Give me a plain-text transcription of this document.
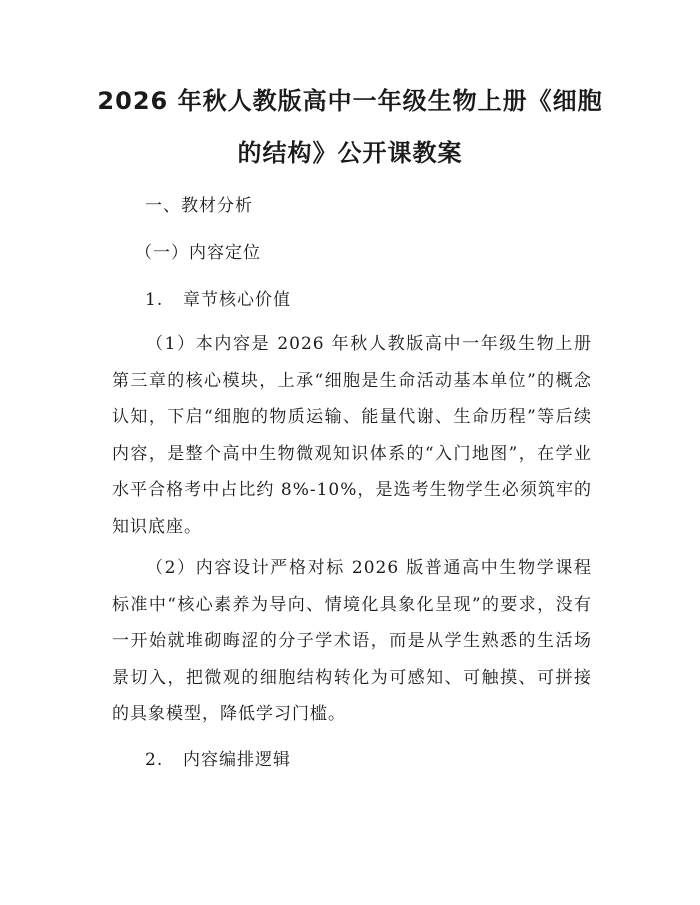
2026 年秋人教版高中一年级生物上册《细胞
的结构》公开课教案
一、教材分析
（一）内容定位
1. 章节核心价值

（1）本内容是 2026 年秋人教版高中一年级生物上册第三章的核心模块，上承“细胞是生命活动基本单位”的概念认知，下启“细胞的物质运输、能量代谢、生命历程”等后续内容，是整个高中生物微观知识体系的“入门地图”，在学业水平合格考中占比约 8%-10%，是选考生物学生必须筑牢的知识底座。

（2）内容设计严格对标 2026 版普通高中生物学课程标准中“核心素养为导向、情境化具象化呈现”的要求，没有一开始就堆砌晦涩的分子学术语，而是从学生熟悉的生活场景切入，把微观的细胞结构转化为可感知、可触摸、可拼接的具象模型，降低学习门槛。

2. 内容编排逻辑
